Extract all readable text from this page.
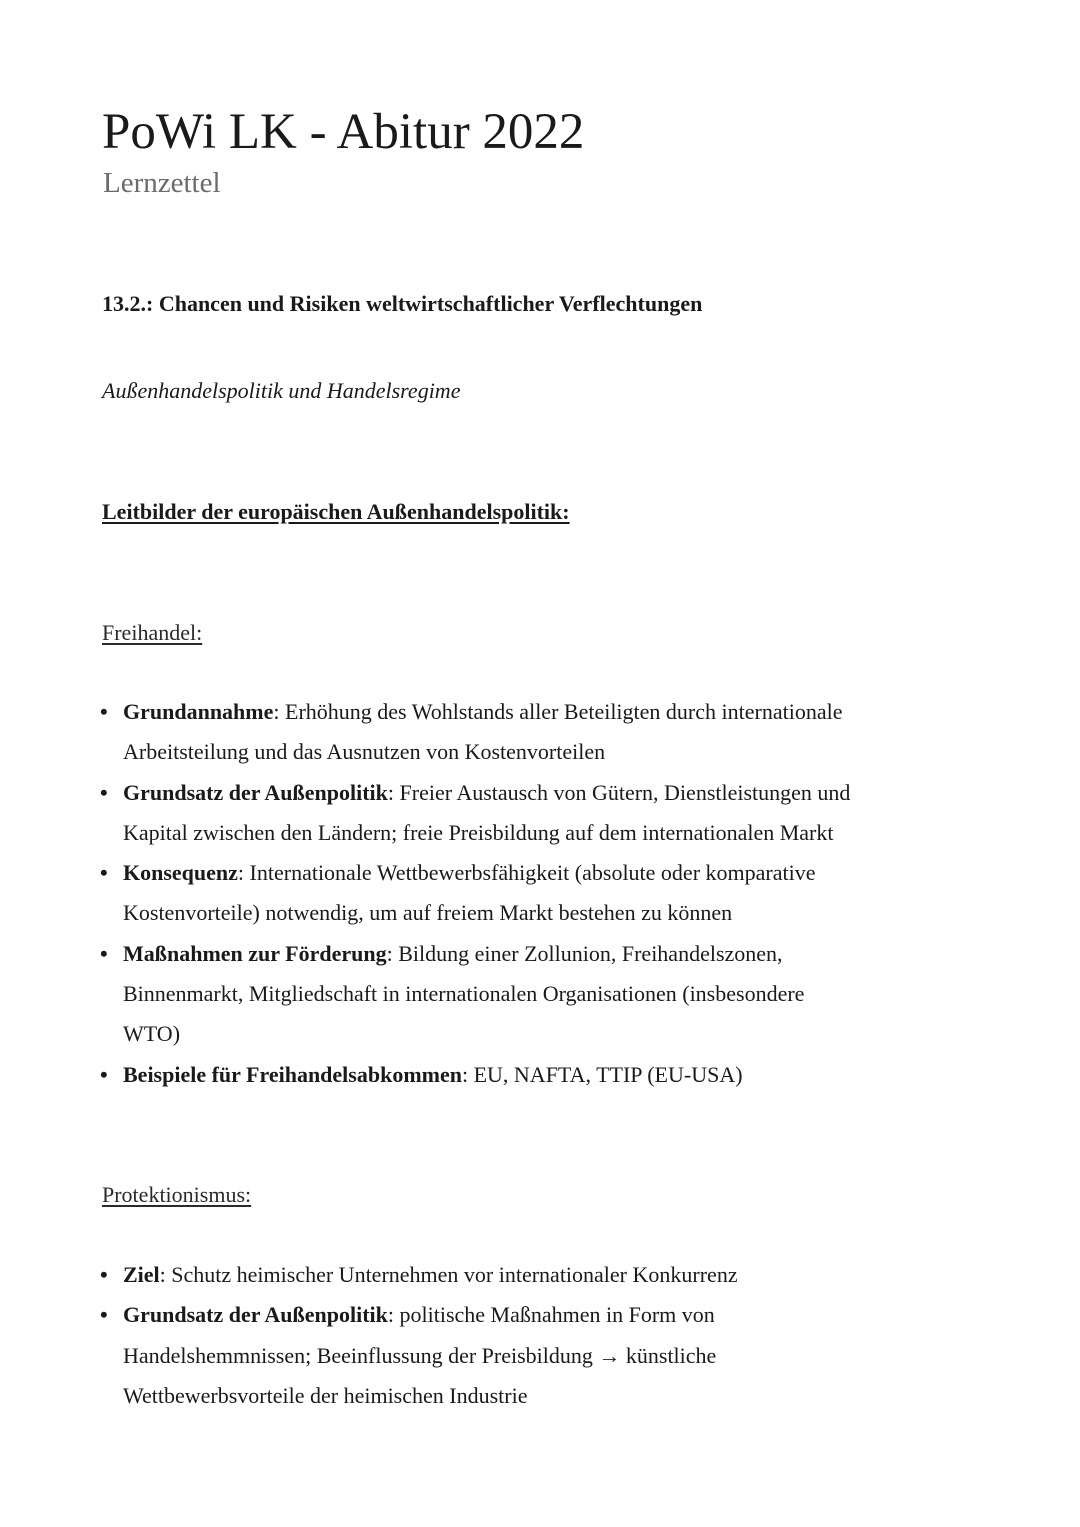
PoWi LK - Abitur 2022
Lernzettel
13.2.: Chancen und Risiken weltwirtschaftlicher Verflechtungen
Außenhandelspolitik und Handelsregime
Leitbilder der europäischen Außenhandelspolitik:
Freihandel:
• Grundannahme: Erhöhung des Wohlstands aller Beteiligten durch internationale
Arbeitsteilung und das Ausnutzen von Kostenvorteilen
• Grundsatz der Außenpolitik: Freier Austausch von Gütern, Dienstleistungen und
Kapital zwischen den Ländern; freie Preisbildung auf dem internationalen Markt
• Konsequenz: Internationale Wettbewerbsfähigkeit (absolute oder komparative
Kostenvorteile) notwendig, um auf freiem Markt bestehen zu können
• Maßnahmen zur Förderung: Bildung einer Zollunion, Freihandelszonen,
Binnenmarkt, Mitgliedschaft in internationalen Organisationen (insbesondere
WTO)
• Beispiele für Freihandelsabkommen: EU, NAFTA, TTIP (EU-USA)
Protektionismus:
• Ziel: Schutz heimischer Unternehmen vor internationaler Konkurrenz
• Grundsatz der Außenpolitik: politische Maßnahmen in Form von
Handelshemmnissen; Beeinflussung der Preisbildung → künstliche
Wettbewerbsvorteile der heimischen Industrie
